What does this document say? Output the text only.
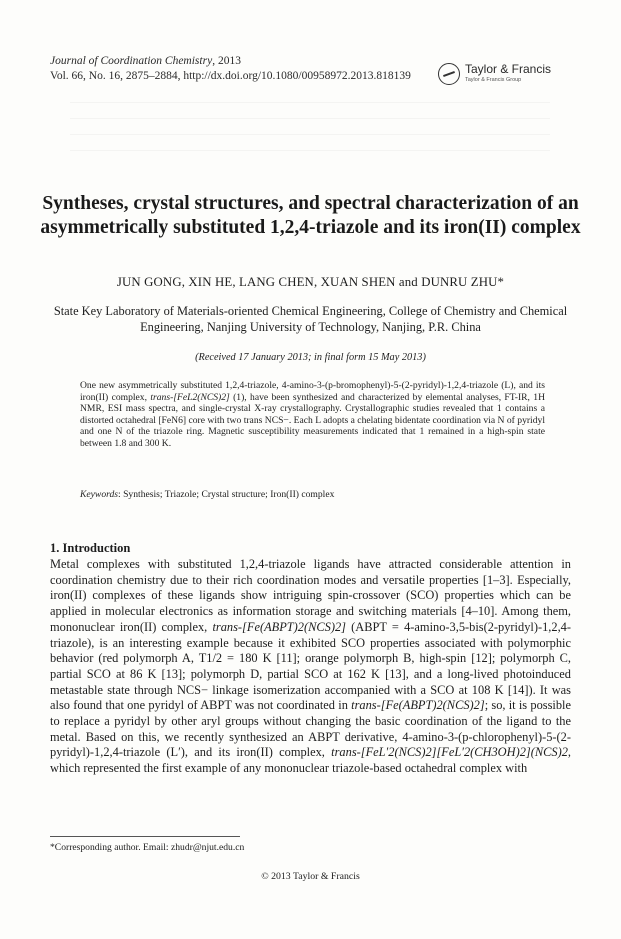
Journal of Coordination Chemistry, 2013
Vol. 66, No. 16, 2875–2884, http://dx.doi.org/10.1080/00958972.2013.818139	Taylor & Francis
Taylor & Francis Group
Syntheses, crystal structures, and spectral characterization of an asymmetrically substituted 1,2,4-triazole and its iron(II) complex
JUN GONG, XIN HE, LANG CHEN, XUAN SHEN and DUNRU ZHU*
State Key Laboratory of Materials-oriented Chemical Engineering, College of Chemistry and Chemical Engineering, Nanjing University of Technology, Nanjing, P.R. China
(Received 17 January 2013; in final form 15 May 2013)
One new asymmetrically substituted 1,2,4-triazole, 4-amino-3-(p-bromophenyl)-5-(2-pyridyl)-1,2,4-triazole (L), and its iron(II) complex, trans-[FeL2(NCS)2] (1), have been synthesized and characterized by elemental analyses, FT-IR, 1H NMR, ESI mass spectra, and single-crystal X-ray crystallography. Crystallographic studies revealed that 1 contains a distorted octahedral [FeN6] core with two trans NCS−. Each L adopts a chelating bidentate coordination via N of pyridyl and one N of the triazole ring. Magnetic susceptibility measurements indicated that 1 remained in a high-spin state between 1.8 and 300 K.
Keywords: Synthesis; Triazole; Crystal structure; Iron(II) complex
1. Introduction
Metal complexes with substituted 1,2,4-triazole ligands have attracted considerable attention in coordination chemistry due to their rich coordination modes and versatile properties [1–3]. Especially, iron(II) complexes of these ligands show intriguing spin-crossover (SCO) properties which can be applied in molecular electronics as information storage and switching materials [4–10]. Among them, mononuclear iron(II) complex, trans-[Fe(ABPT)2(NCS)2] (ABPT = 4-amino-3,5-bis(2-pyridyl)-1,2,4-triazole), is an interesting example because it exhibited SCO properties associated with polymorphic behavior (red polymorph A, T1/2 = 180 K [11]; orange polymorph B, high-spin [12]; polymorph C, partial SCO at 86 K [13]; polymorph D, partial SCO at 162 K [13], and a long-lived photoinduced metastable state through NCS− linkage isomerization accompanied with a SCO at 108 K [14]). It was also found that one pyridyl of ABPT was not coordinated in trans-[Fe(ABPT)2(NCS)2]; so, it is possible to replace a pyridyl by other aryl groups without changing the basic coordination of the ligand to the metal. Based on this, we recently synthesized an ABPT derivative, 4-amino-3-(p-chlorophenyl)-5-(2-pyridyl)-1,2,4-triazole (L′), and its iron(II) complex, trans-[FeL′2(NCS)2][FeL′2(CH3OH)2](NCS)2, which represented the first example of any mononuclear triazole-based octahedral complex with
*Corresponding author. Email: zhudr@njut.edu.cn
© 2013 Taylor & Francis
